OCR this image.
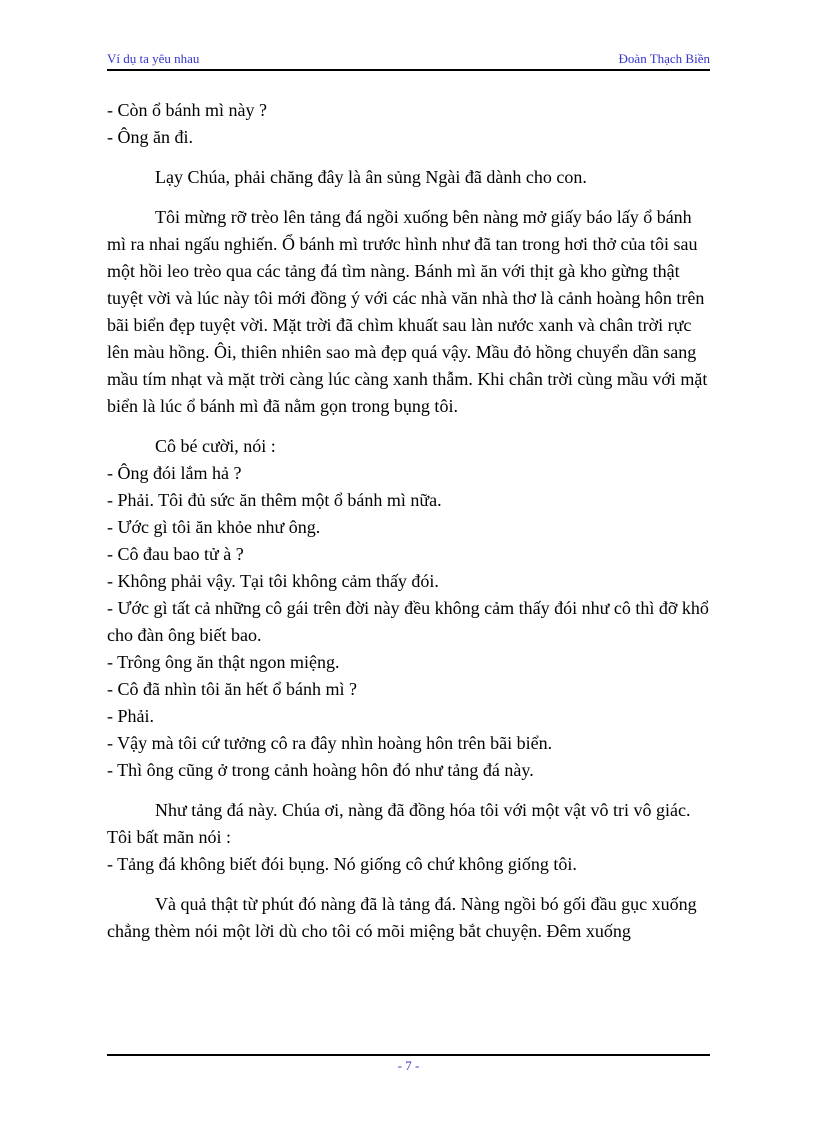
Ví dụ ta yêu nhau	Đoàn Thạch Biền

- Còn ổ bánh mì này ?

- Ông ăn đi.

Lạy Chúa, phải chăng đây là ân sủng Ngài đã dành cho con.

Tôi mừng rỡ trèo lên tảng đá ngồi xuống bên nàng mở giấy báo lấy ổ bánh mì ra nhai ngấu nghiến. Ổ bánh mì trước hình như đã tan trong hơi thở của tôi sau một hồi leo trèo qua các tảng đá tìm nàng. Bánh mì ăn với thịt gà kho gừng thật tuyệt vời và lúc này tôi mới đồng ý với các nhà văn nhà thơ là cảnh hoàng hôn trên bãi biển đẹp tuyệt vời. Mặt trời đã chìm khuất sau làn nước xanh và chân trời rực lên màu hồng. Ôi, thiên nhiên sao mà đẹp quá vậy. Mầu đỏ hồng chuyển dần sang mầu tím nhạt và mặt trời càng lúc càng xanh thẫm. Khi chân trời cùng mầu với mặt biển là lúc ổ bánh mì đã nằm gọn trong bụng tôi.

Cô bé cười, nói :

- Ông đói lắm hả ?

- Phải. Tôi đủ sức ăn thêm một ổ bánh mì nữa.

- Ước gì tôi ăn khỏe như ông.

- Cô đau bao tử à ?

- Không phải vậy. Tại tôi không cảm thấy đói.

- Ước gì tất cả những cô gái trên đời này đều không cảm thấy đói như cô thì đỡ khổ cho đàn ông biết bao.

- Trông ông ăn thật ngon miệng.

- Cô đã nhìn tôi ăn hết ổ bánh mì ?

- Phải.

- Vậy mà tôi cứ tưởng cô ra đây nhìn hoàng hôn trên bãi biển.

- Thì ông cũng ở trong cảnh hoàng hôn đó như tảng đá này.

Như tảng đá này. Chúa ơi, nàng đã đồng hóa tôi với một vật vô tri vô giác. Tôi bất mãn nói :

- Tảng đá không biết đói bụng. Nó giống cô chứ không giống tôi.

Và quả thật từ phút đó nàng đã là tảng đá. Nàng ngồi bó gối đầu gục xuống chẳng thèm nói một lời dù cho tôi có mõi miệng bắt chuyện. Đêm xuống

- 7 -
